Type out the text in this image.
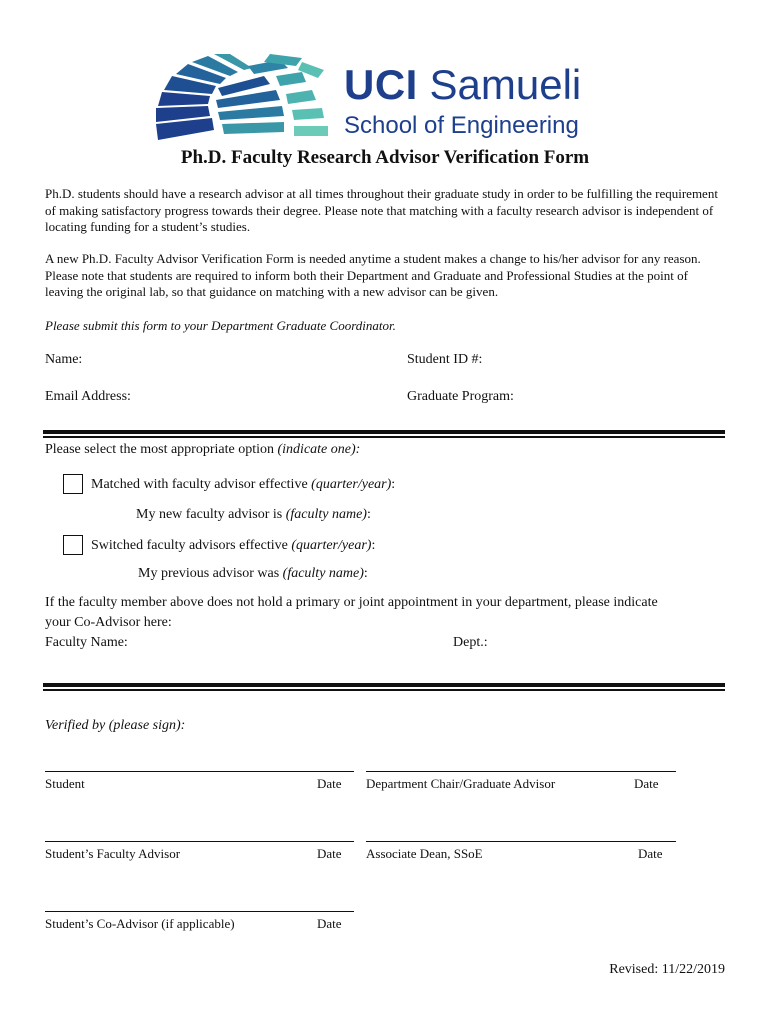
UCI Samueli
School of Engineering
Ph.D. Faculty Research Advisor Verification Form
Ph.D. students should have a research advisor at all times throughout their graduate study in order to be fulfilling the requirement of making satisfactory progress towards their degree. Please note that matching with a faculty research advisor is independent of locating funding for a student’s studies.
A new Ph.D. Faculty Advisor Verification Form is needed anytime a student makes a change to his/her advisor for any reason. Please note that students are required to inform both their Department and Graduate and Professional Studies at the point of leaving the original lab, so that guidance on matching with a new advisor can be given.
Please submit this form to your Department Graduate Coordinator.
Name:	Student ID #:
Email Address:	Graduate Program:
Please select the most appropriate option (indicate one):
Matched with faculty advisor effective (quarter/year):
My new faculty advisor is (faculty name):
Switched faculty advisors effective (quarter/year):
My previous advisor was (faculty name):
If the faculty member above does not hold a primary or joint appointment in your department, please indicate
your Co-Advisor here:
Faculty Name:	Dept.:
Verified by (please sign):
Student	Date Department Chair/Graduate Advisor	Date
Student’s Faculty Advisor	Date Associate Dean, SSoE	Date
Student’s Co-Advisor (if applicable)	Date
Revised: 11/22/2019
